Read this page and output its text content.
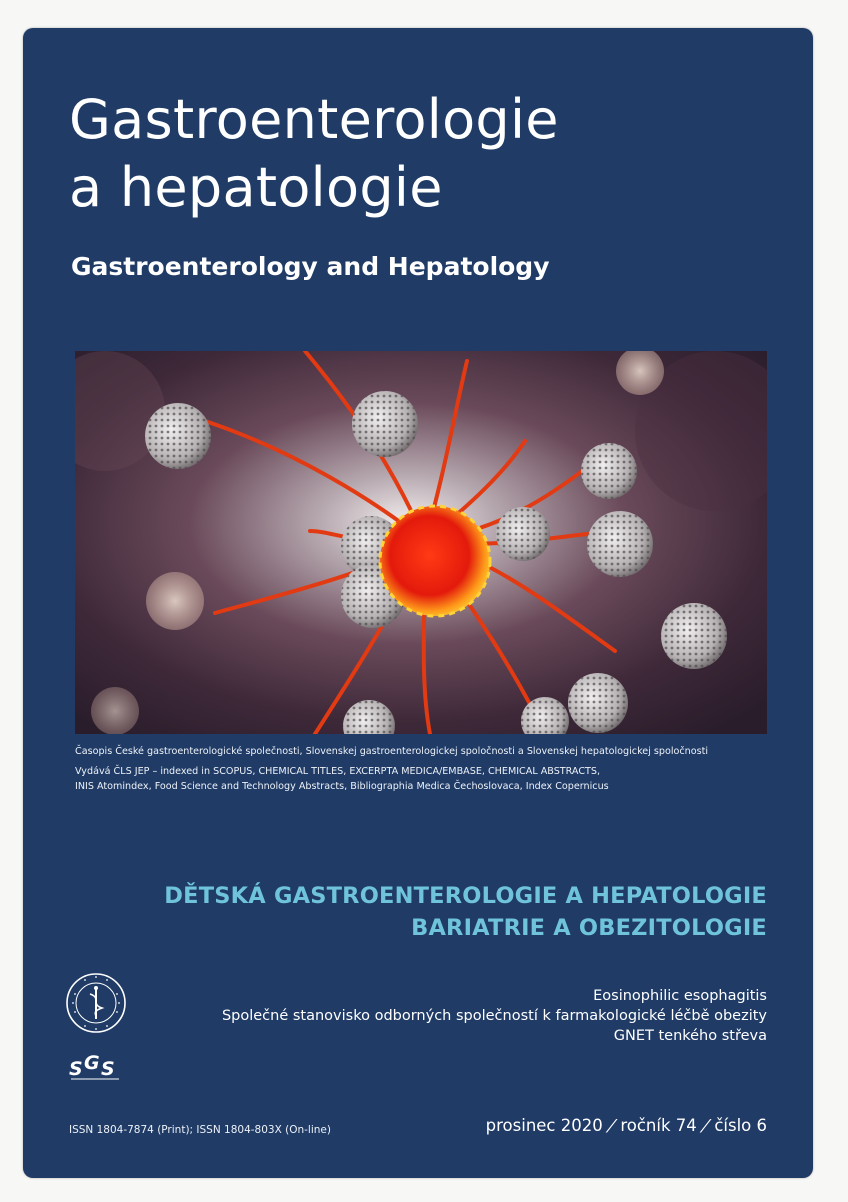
Gastroenterologie
a hepatologie

Gastroenterology and Hepatology

Časopis České gastroenterologické společnosti, Slovenskej gastroenterologickej spoločnosti a Slovenskej hepatologickej spoločnosti

Vydává ČLS JEP – indexed in SCOPUS, CHEMICAL TITLES, EXCERPTA MEDICA/EMBASE, CHEMICAL ABSTRACTS,

INIS Atomindex, Food Science and Technology Abstracts, Bibliographia Medica Čechoslovaca, Index Copernicus

DĚTSKÁ GASTROENTEROLOGIE A HEPATOLOGIE
BARIATRIE A OBEZITOLOGIE
Eosinophilic esophagitis
Společné stanovisko odborných společností k farmakologické léčbě obezity
GNET tenkého střeva
S G S
ISSN 1804-7874 (Print); ISSN 1804-803X (On-line)	prosinec 2020/ročník 74/číslo 6
